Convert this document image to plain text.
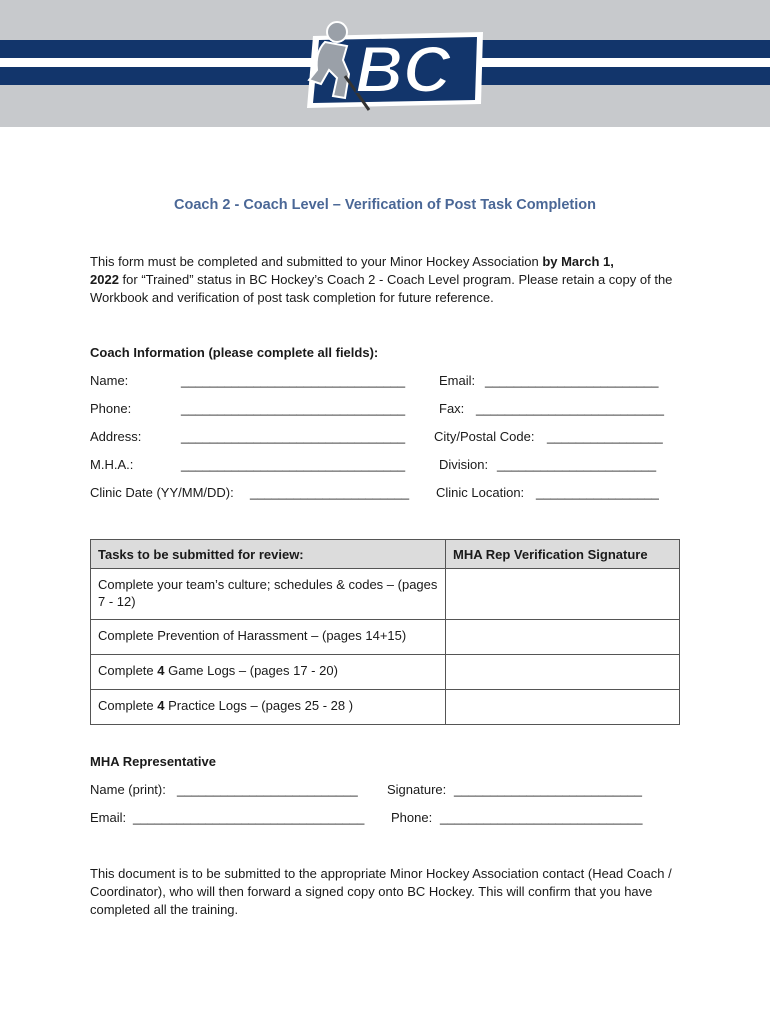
BC
Coach 2 - Coach Level – Verification of Post Task Completion
This form must be completed and submitted to your Minor Hockey Association by March 1,
2022 for “Trained” status in BC Hockey’s Coach 2 - Coach Level program. Please retain a copy of the Workbook and verification of post task completion for future reference.
Coach Information (please complete all fields):
Name:	_______________________________	Email: ________________________
Phone:	_______________________________	Fax: __________________________
Address:	_______________________________ City/Postal Code: ________________
M.H.A.:	_______________________________	Division: ______________________
Clinic Date (YY/MM/DD): ______________________ Clinic Location: _________________
Tasks to be submitted for review:	MHA Rep Verification Signature
Complete your team’s culture; schedules & codes – (pages 7 - 12)	
Complete Prevention of Harassment – (pages 14+15)	
Complete 4 Game Logs – (pages 17 - 20)	
Complete 4 Practice Logs – (pages 25 - 28 )	
MHA Representative
Name (print): _________________________ Signature: __________________________
Email: ________________________________ Phone: ____________________________
This document is to be submitted to the appropriate Minor Hockey Association contact (Head Coach / Coordinator), who will then forward a signed copy onto BC Hockey. This will confirm that you have completed all the training.
